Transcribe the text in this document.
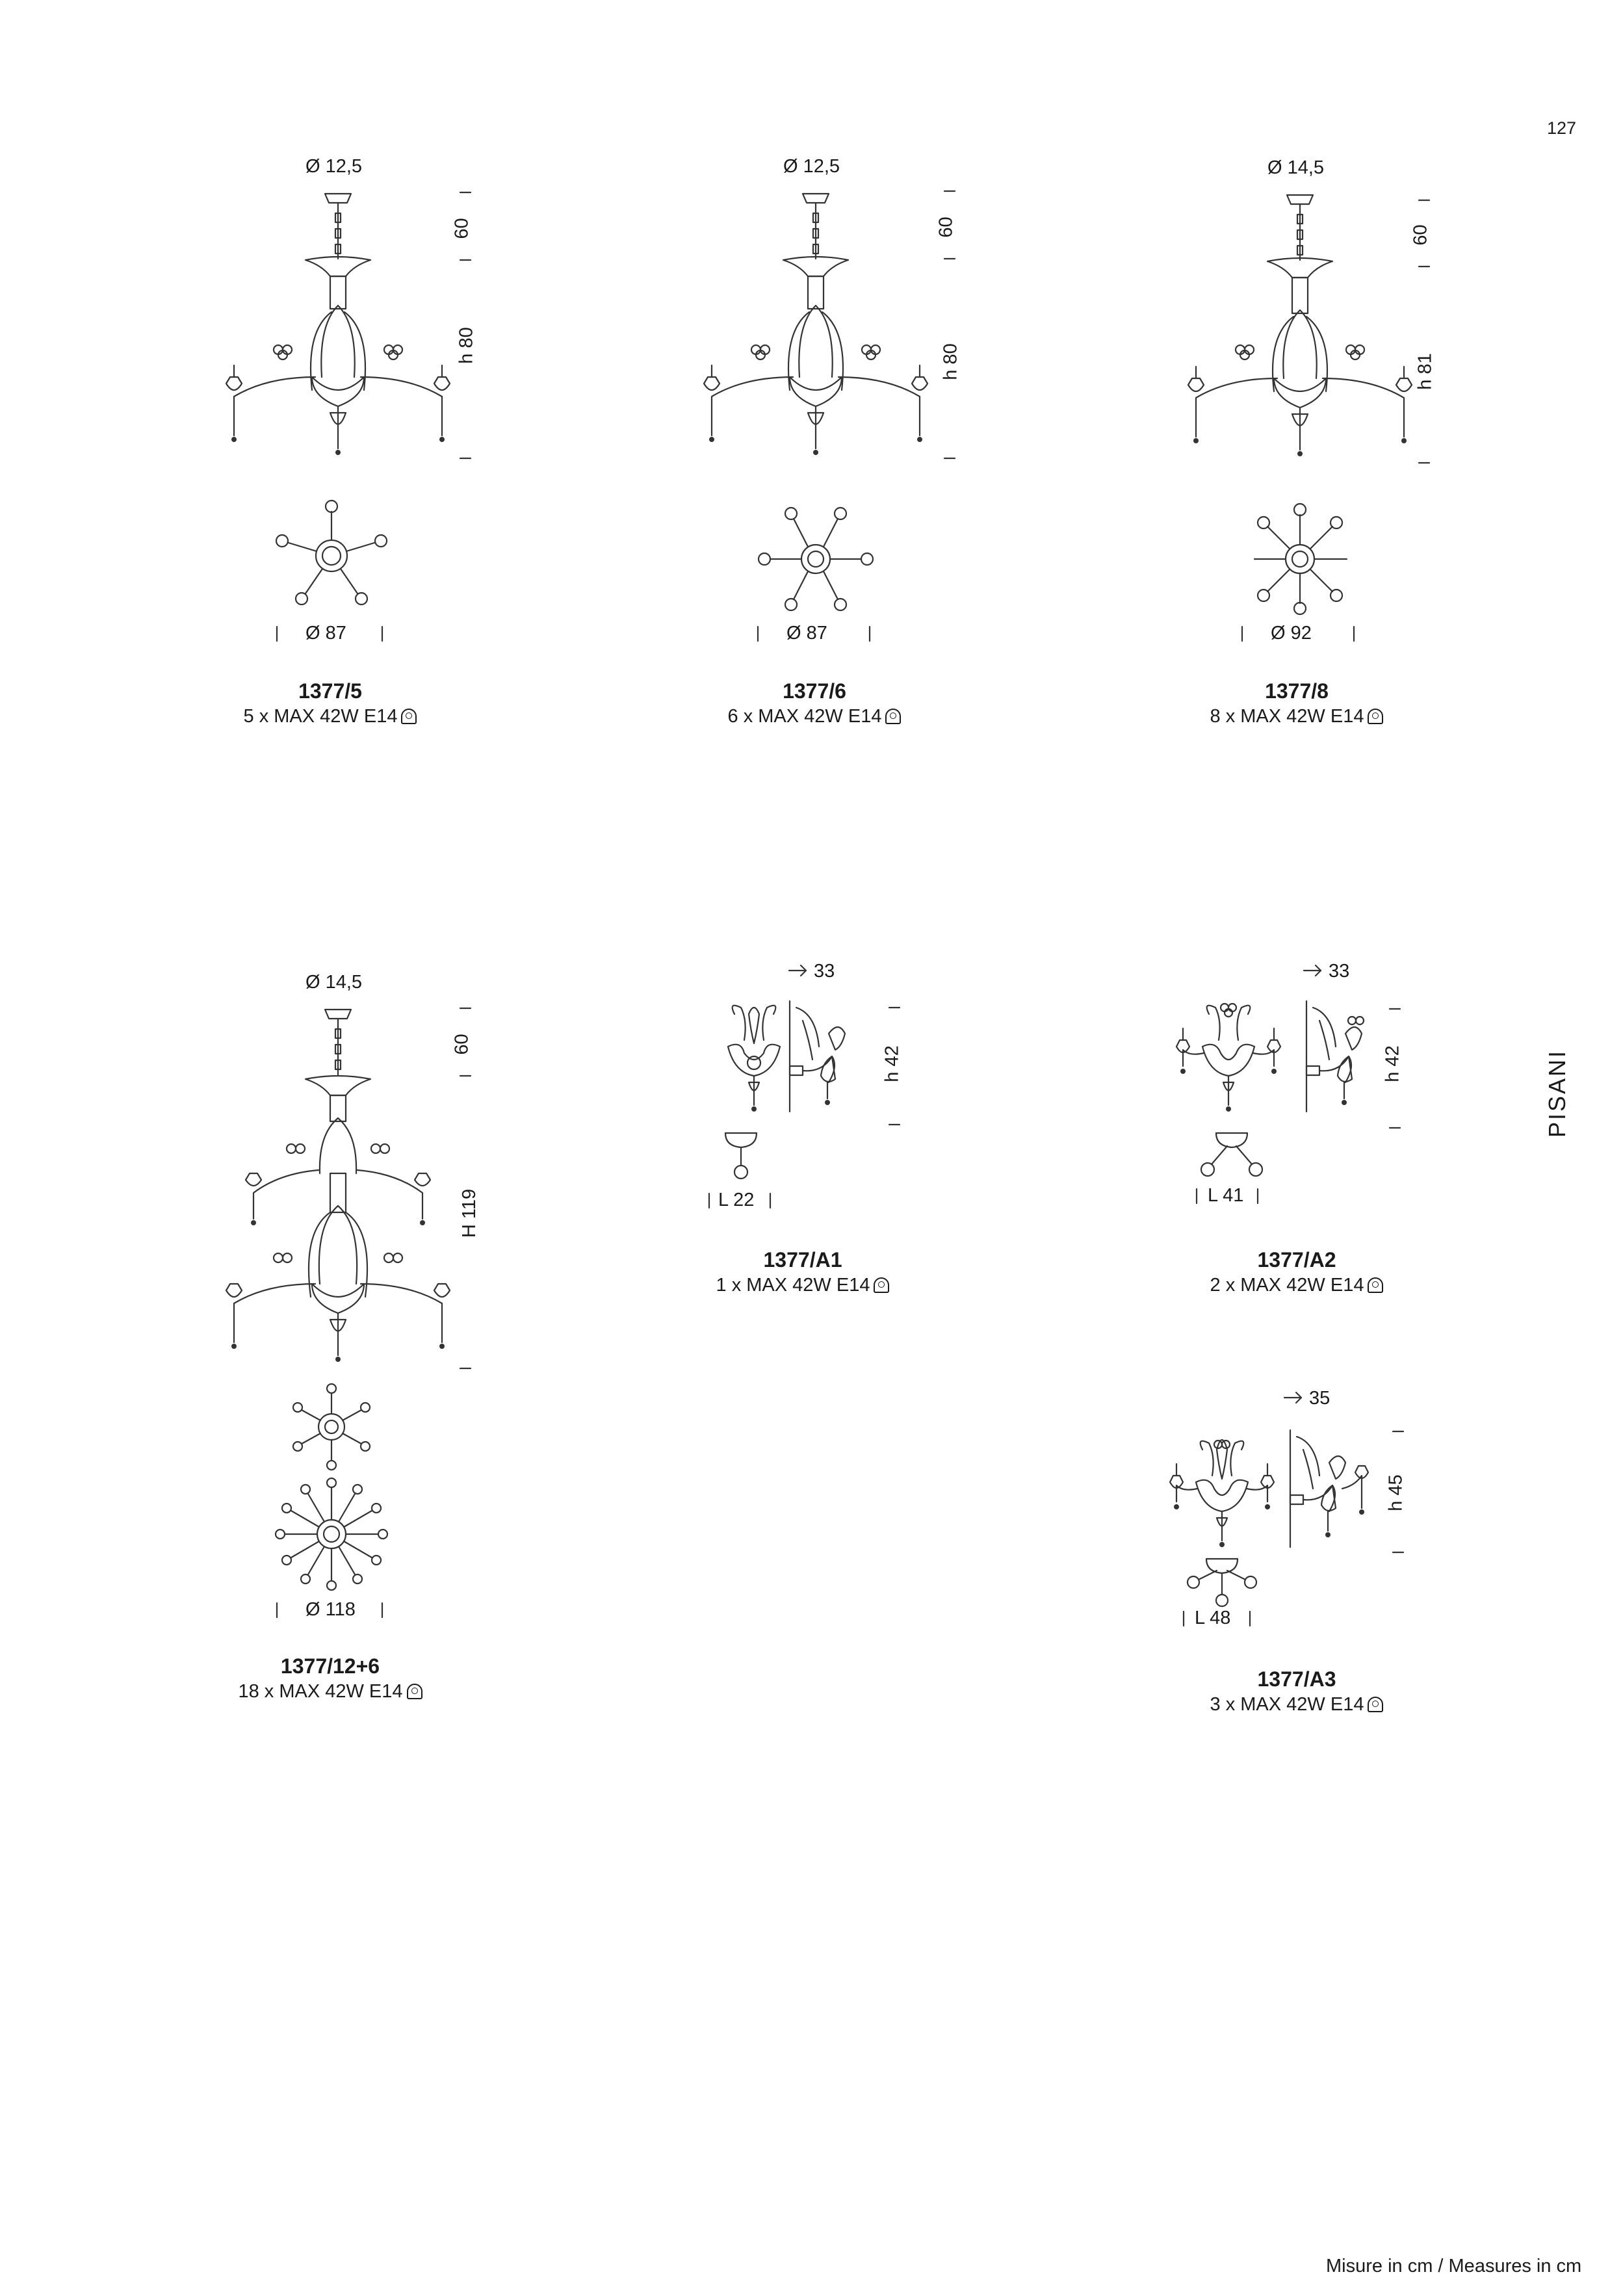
127
PISANI
Misure in cm / Measures in cm
Ø 12,5
60
h 80
Ø 87
1377/5
5 x MAX 42W E14
Ø 12,5
60
h 80
Ø 87
1377/6
6 x MAX 42W E14
Ø 14,5
60
h 81
Ø 92
1377/8
8 x MAX 42W E14
Ø 14,5
60
H 119
Ø 118
1377/12+6
18 x MAX 42W E14
33
h 42
L 22
1377/A1
1 x MAX 42W E14
33
h 42
L 41
1377/A2
2 x MAX 42W E14
35
h 45
L 48
1377/A3
3 x MAX 42W E14
